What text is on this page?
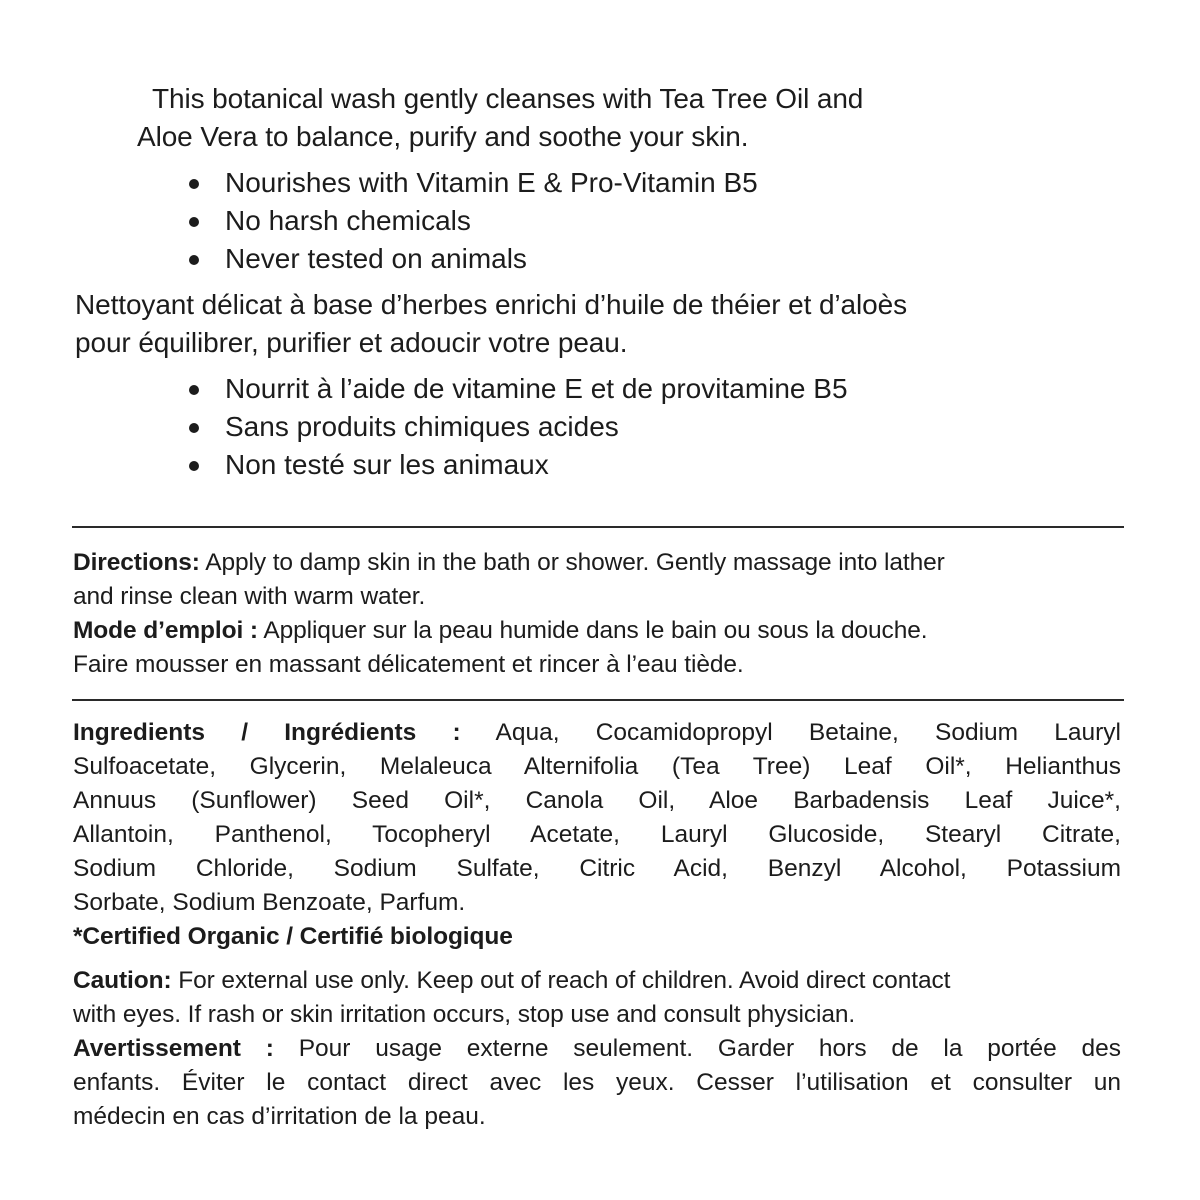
This botanical wash gently cleanses with Tea Tree Oil and
Aloe Vera to balance, purify and soothe your skin.
Nourishes with Vitamin E & Pro-Vitamin B5
No harsh chemicals
Never tested on animals
Nettoyant délicat à base d’herbes enrichi d’huile de théier et d’aloès
pour équilibrer, purifier et adoucir votre peau.
Nourrit à l’aide de vitamine E et de provitamine B5
Sans produits chimiques acides
Non testé sur les animaux
Directions: Apply to damp skin in the bath or shower. Gently massage into lather
and rinse clean with warm water.
Mode d’emploi : Appliquer sur la peau humide dans le bain ou sous la douche.
Faire mousser en massant délicatement et rincer à l’eau tiède.
Ingredients / Ingrédients : Aqua, Cocamidopropyl Betaine, Sodium Lauryl
Sulfoacetate, Glycerin, Melaleuca Alternifolia (Tea Tree) Leaf Oil*, Helianthus
Annuus (Sunflower) Seed Oil*, Canola Oil, Aloe Barbadensis Leaf Juice*,
Allantoin, Panthenol, Tocopheryl Acetate, Lauryl Glucoside, Stearyl Citrate,
Sodium Chloride, Sodium Sulfate, Citric Acid, Benzyl Alcohol, Potassium
Sorbate, Sodium Benzoate, Parfum.
*Certified Organic / Certifié biologique
Caution: For external use only. Keep out of reach of children. Avoid direct contact
with eyes. If rash or skin irritation occurs, stop use and consult physician.
Avertissement : Pour usage externe seulement. Garder hors de la portée des
enfants. Éviter le contact direct avec les yeux. Cesser l’utilisation et consulter un
médecin en cas d’irritation de la peau.
